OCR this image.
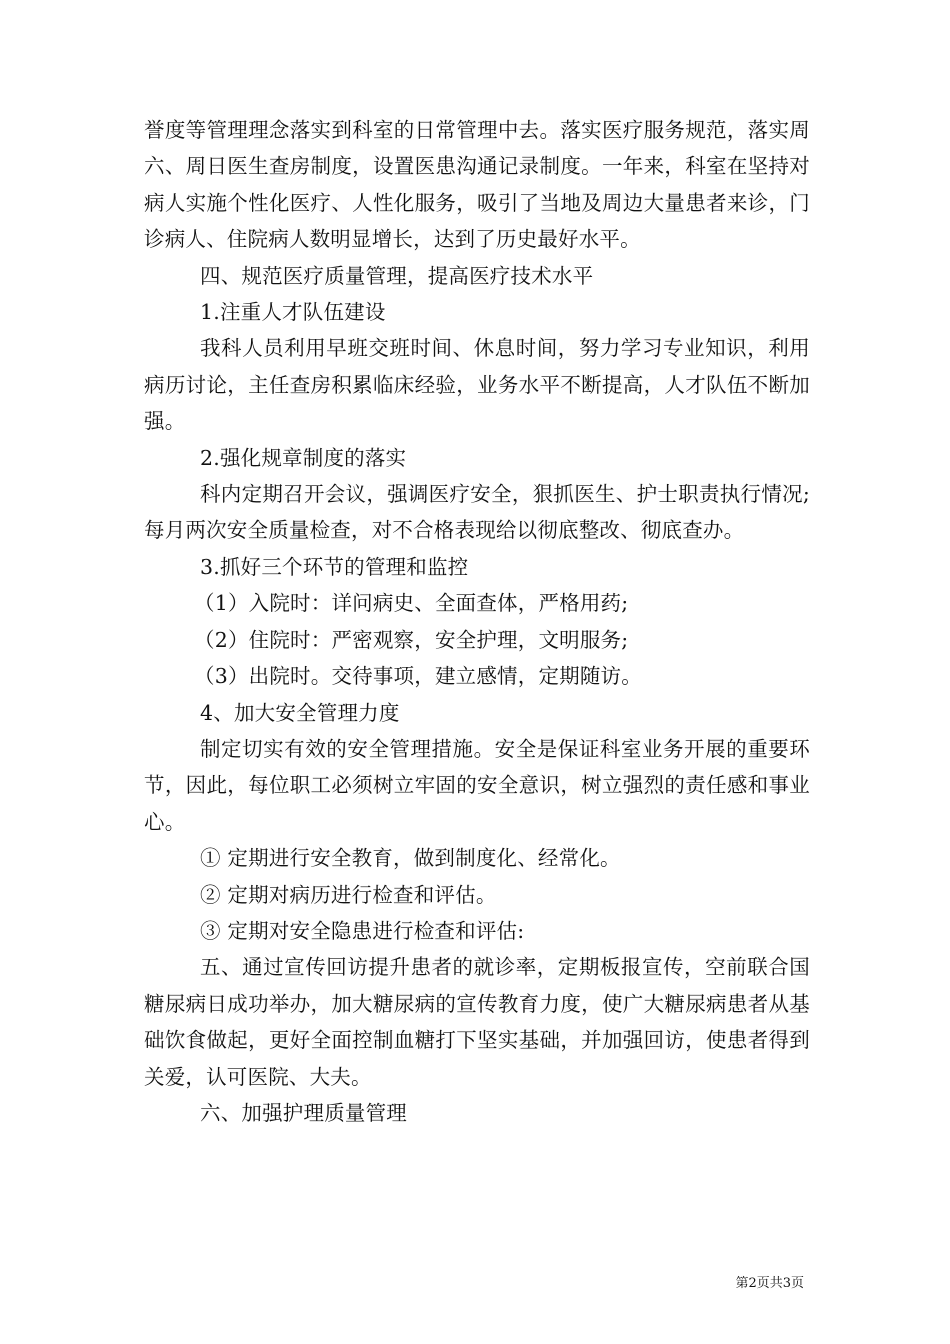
誉度等管理理念落实到科室的日常管理中去。落实医疗服务规范，落实周六、周日医生查房制度，设置医患沟通记录制度。一年来，科室在坚持对病人实施个性化医疗、人性化服务，吸引了当地及周边大量患者来诊，门诊病人、住院病人数明显增长，达到了历史最好水平。

四、规范医疗质量管理，提高医疗技术水平

1.注重人才队伍建设

我科人员利用早班交班时间、休息时间，努力学习专业知识，利用病历讨论，主任查房积累临床经验，业务水平不断提高，人才队伍不断加强。

2.强化规章制度的落实

科内定期召开会议，强调医疗安全，狠抓医生、护士职责执行情况;每月两次安全质量检查，对不合格表现给以彻底整改、彻底查办。

3.抓好三个环节的管理和监控

（1）入院时：详问病史、全面查体，严格用药;

（2）住院时：严密观察，安全护理，文明服务;

（3）出院时。交待事项，建立感情，定期随访。

4、加大安全管理力度

制定切实有效的安全管理措施。安全是保证科室业务开展的重要环节，因此，每位职工必须树立牢固的安全意识，树立强烈的责任感和事业心。

① 定期进行安全教育，做到制度化、经常化。

② 定期对病历进行检查和评估。

③ 定期对安全隐患进行检查和评估:

五、通过宣传回访提升患者的就诊率，定期板报宣传，空前联合国糖尿病日成功举办，加大糖尿病的宣传教育力度，使广大糖尿病患者从基础饮食做起，更好全面控制血糖打下坚实基础，并加强回访，使患者得到关爱，认可医院、大夫。

六、加强护理质量管理

第2页共3页
